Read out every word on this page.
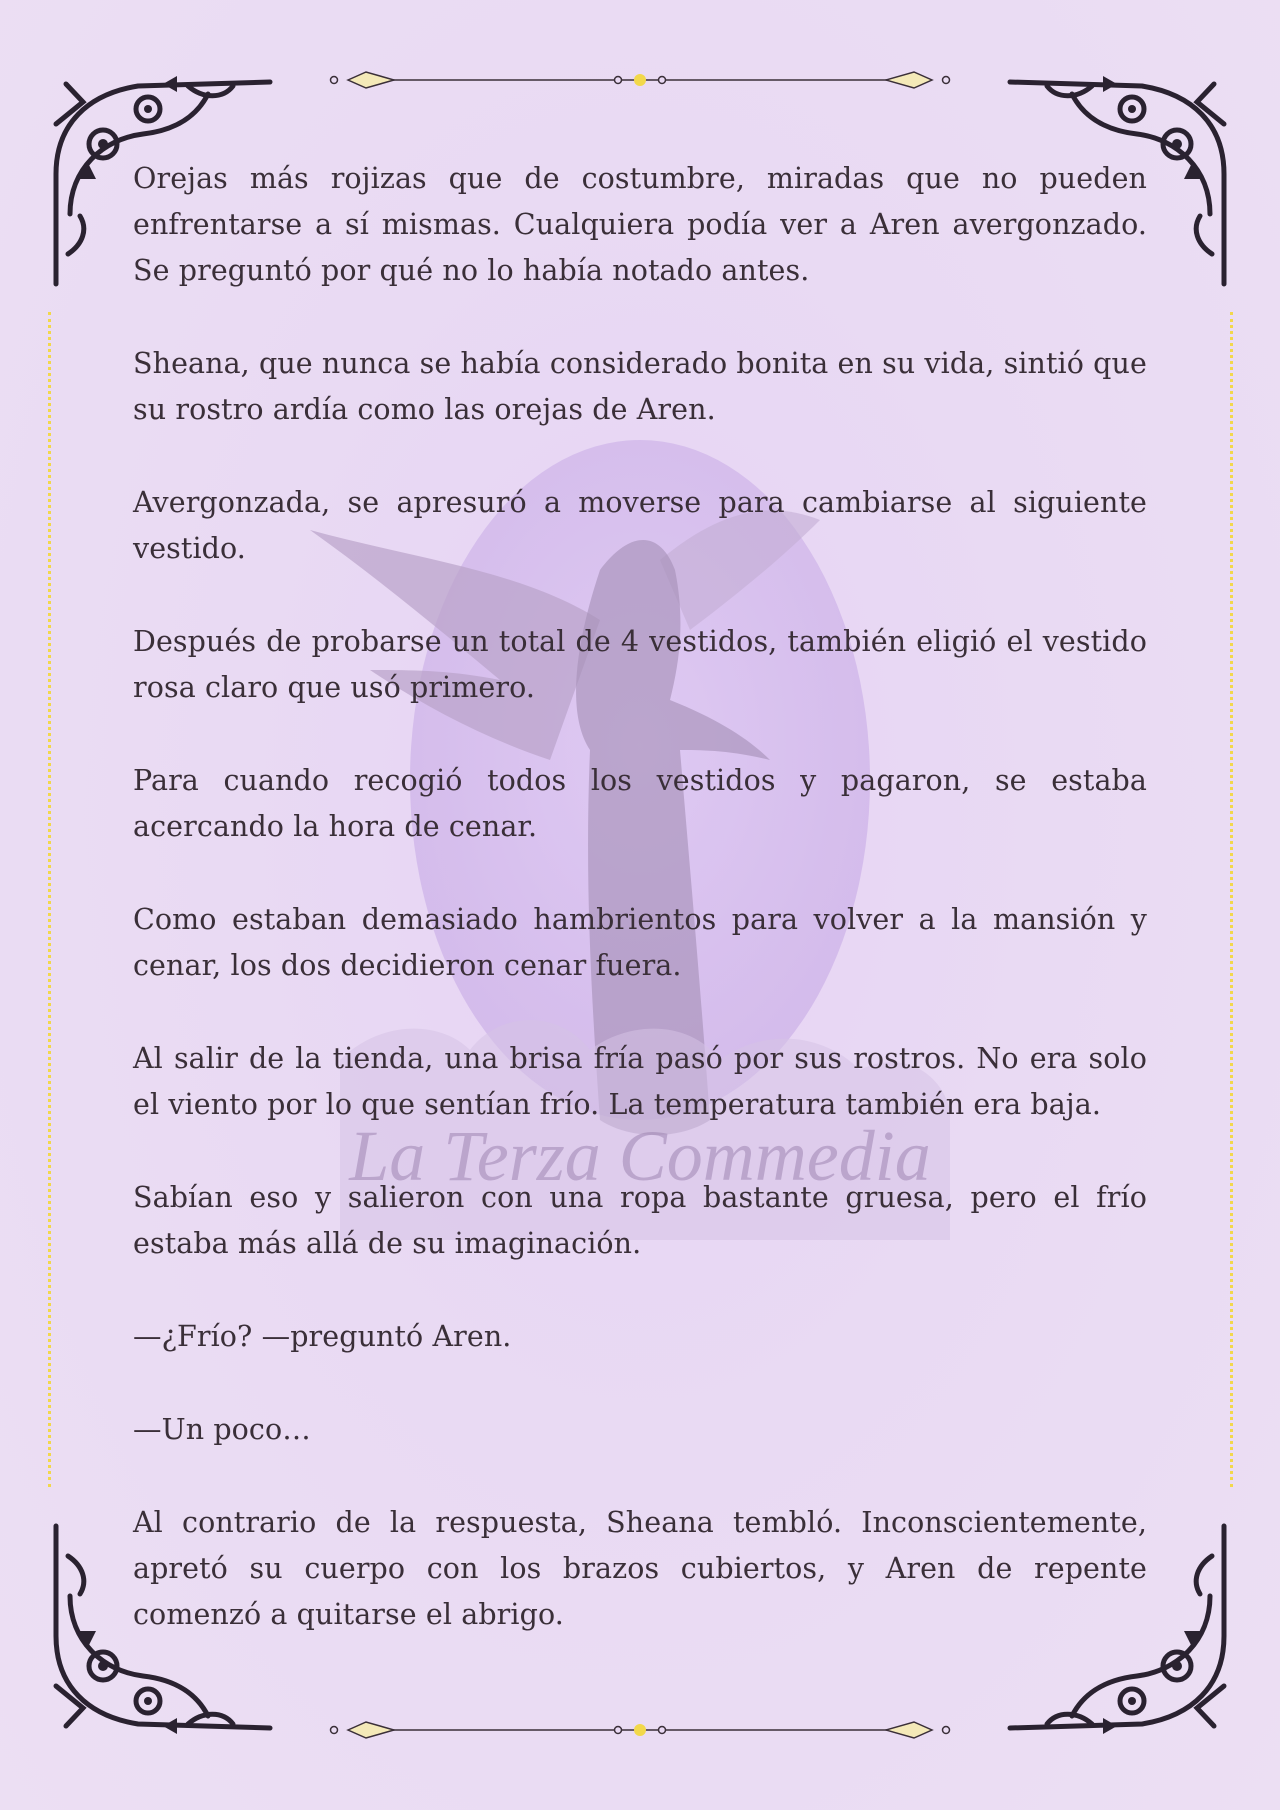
La Terza Commedia

Orejas más rojizas que de costumbre, miradas que no pueden enfrentarse a sí mismas. Cualquiera podía ver a Aren avergonzado. Se preguntó por qué no lo había notado antes.

Sheana, que nunca se había considerado bonita en su vida, sintió que su rostro ardía como las orejas de Aren.

Avergonzada, se apresuró a moverse para cambiarse al siguiente vestido.

Después de probarse un total de 4 vestidos, también eligió el vestido rosa claro que usó primero.

Para cuando recogió todos los vestidos y pagaron, se estaba acercando la hora de cenar.

Como estaban demasiado hambrientos para volver a la mansión y cenar, los dos decidieron cenar fuera.

Al salir de la tienda, una brisa fría pasó por sus rostros. No era solo el viento por lo que sentían frío. La temperatura también era baja.

Sabían eso y salieron con una ropa bastante gruesa, pero el frío estaba más allá de su imaginación.

—¿Frío? —preguntó Aren.

—Un poco…

Al contrario de la respuesta, Sheana tembló. Inconscientemente, apretó su cuerpo con los brazos cubiertos, y Aren de repente comenzó a quitarse el abrigo.
